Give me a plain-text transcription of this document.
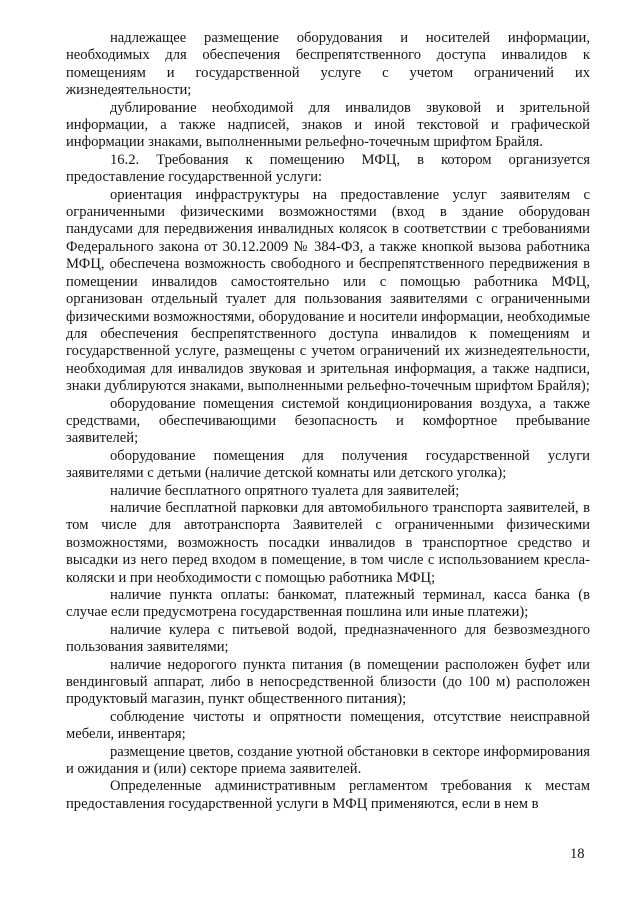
надлежащее размещение оборудования и носителей информации, необходимых для обеспечения беспрепятственного доступа инвалидов к помещениям и государственной услуге с учетом ограничений их жизнедеятельности;

дублирование необходимой для инвалидов звуковой и зрительной информации, а также надписей, знаков и иной текстовой и графической информации знаками, выполненными рельефно-точечным шрифтом Брайля.

16.2. Требования к помещению МФЦ, в котором организуется предоставление государственной услуги:

ориентация инфраструктуры на предоставление услуг заявителям с ограниченными физическими возможностями (вход в здание оборудован пандусами для передвижения инвалидных колясок в соответствии с требованиями Федерального закона от 30.12.2009 № 384-ФЗ, а также кнопкой вызова работника МФЦ, обеспечена возможность свободного и беспрепятственного передвижения в помещении инвалидов самостоятельно или с помощью работника МФЦ, организован отдельный туалет для пользования заявителями с ограниченными физическими возможностями, оборудование и носители информации, необходимые для обеспечения беспрепятственного доступа инвалидов к помещениям и государственной услуге, размещены с учетом ограничений их жизнедеятельности, необходимая для инвалидов звуковая и зрительная информация, а также надписи, знаки дублируются знаками, выполненными рельефно-точечным шрифтом Брайля);

оборудование помещения системой кондиционирования воздуха, а также средствами, обеспечивающими безопасность и комфортное пребывание заявителей;

оборудование помещения для получения государственной услуги заявителями с детьми (наличие детской комнаты или детского уголка);

наличие бесплатного опрятного туалета для заявителей;

наличие бесплатной парковки для автомобильного транспорта заявителей, в том числе для автотранспорта Заявителей с ограниченными физическими возможностями, возможность посадки инвалидов в транспортное средство и высадки из него перед входом в помещение, в том числе с использованием кресла-коляски и при необходимости с помощью работника МФЦ;

наличие пункта оплаты: банкомат, платежный терминал, касса банка (в случае если предусмотрена государственная пошлина или иные платежи);

наличие кулера с питьевой водой, предназначенного для безвозмездного пользования заявителями;

наличие недорогого пункта питания (в помещении расположен буфет или вендинговый аппарат, либо в непосредственной близости (до 100 м) расположен продуктовый магазин, пункт общественного питания);

соблюдение чистоты и опрятности помещения, отсутствие неисправной мебели, инвентаря;

размещение цветов, создание уютной обстановки в секторе информирования и ожидания и (или) секторе приема заявителей.

Определенные административным регламентом требования к местам предоставления государственной услуги в МФЦ применяются, если в нем в

18
